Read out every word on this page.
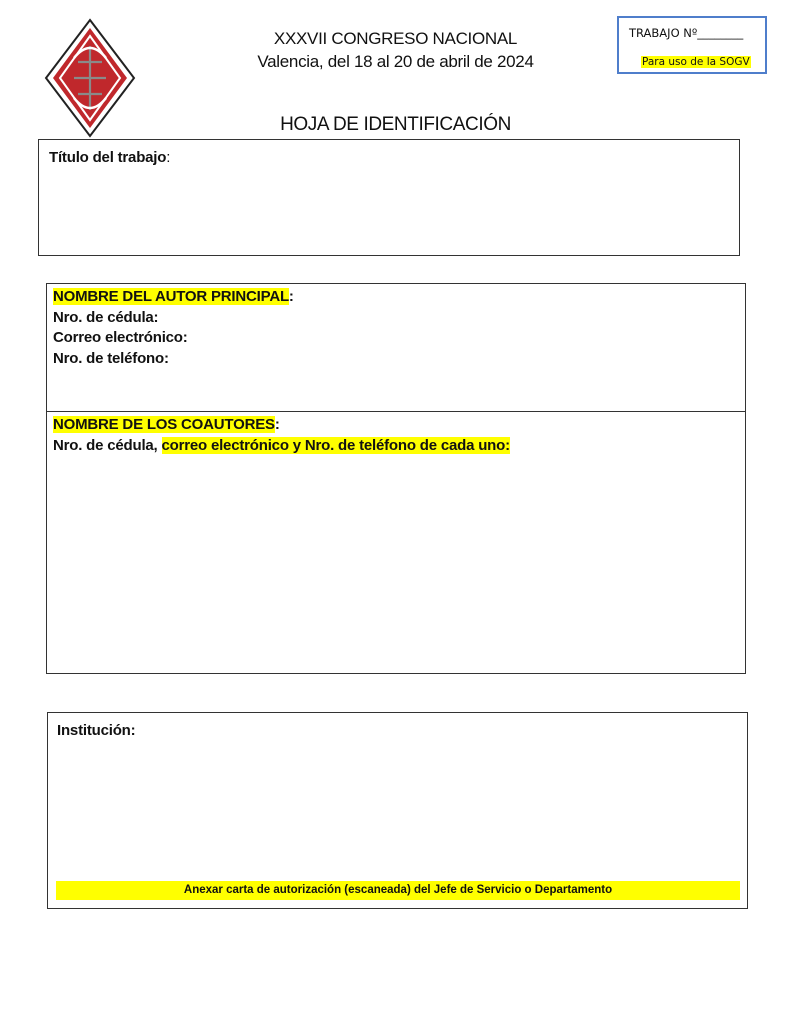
XXXVII CONGRESO NACIONAL
Valencia, del 18 al 20 de abril de 2024
HOJA DE IDENTIFICACIÓN
TRABAJO Nº________
Para uso de la SOGV
Título del trabajo:
NOMBRE DEL AUTOR PRINCIPAL:
Nro. de cédula:
Correo electrónico:
Nro. de teléfono:
NOMBRE DE LOS COAUTORES:
Nro. de cédula, correo electrónico y Nro. de teléfono de cada uno:
Institución:
Anexar carta de autorización (escaneada) del Jefe de Servicio o Departamento
